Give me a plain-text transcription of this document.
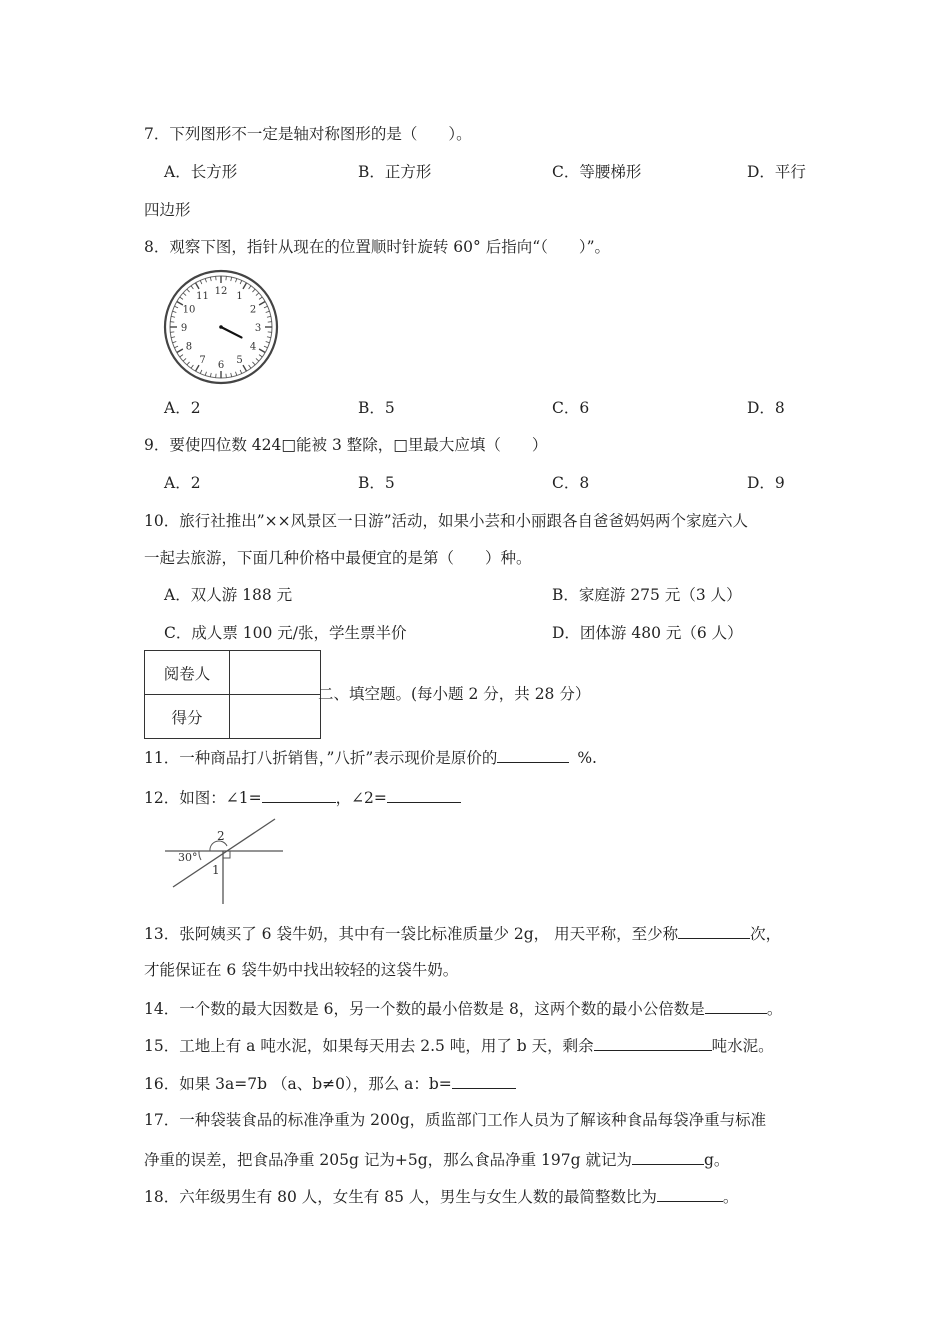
7．下列图形不一定是轴对称图形的是（　　）。
A．长方形	B．正方形	C．等腰梯形	D．平行
四边形
8．观察下图，指针从现在的位置顺时针旋转 60° 后指向“（　　）”。
12 1
2
3
4
5
6
7
8
9
10
11
A．2	B．5	C．6	D．8
9．要使四位数 424□能被 3 整除，□里最大应填（　　）
A．2	B．5	C．8	D．9
10．旅行社推出”××风景区一日游”活动，如果小芸和小丽跟各自爸爸妈妈两个家庭六人
一起去旅游，下面几种价格中最便宜的是第（　　）种。
A．双人游 188 元	B．家庭游 275 元（3 人）
C．成人票 100 元/张，学生票半价	D．团体游 480 元（6 人）
阅卷人	
得分	
二、填空题。(每小题 2 分，共 28 分）
11．一种商品打八折销售，”八折”表示现价是原价的	%.
12．如图：∠1=	，∠2=
30°
2
1
13．张阿姨买了 6 袋牛奶，其中有一袋比标准质量少 2g， 用天平称，至少称	次，
才能保证在 6 袋牛奶中找出较轻的这袋牛奶。
14．一个数的最大因数是 6，另一个数的最小倍数是 8，这两个数的最小公倍数是	。
15．工地上有 a 吨水泥，如果每天用去 2.5 吨，用了 b 天，剩余	吨水泥。
16．如果 3a=7b （a、b≠0），那么 a：b=
17．一种袋装食品的标准净重为 200g，质监部门工作人员为了解该种食品每袋净重与标准
净重的误差，把食品净重 205g 记为+5g，那么食品净重 197g 就记为	g。
18．六年级男生有 80 人，女生有 85 人，男生与女生人数的最简整数比为	。
